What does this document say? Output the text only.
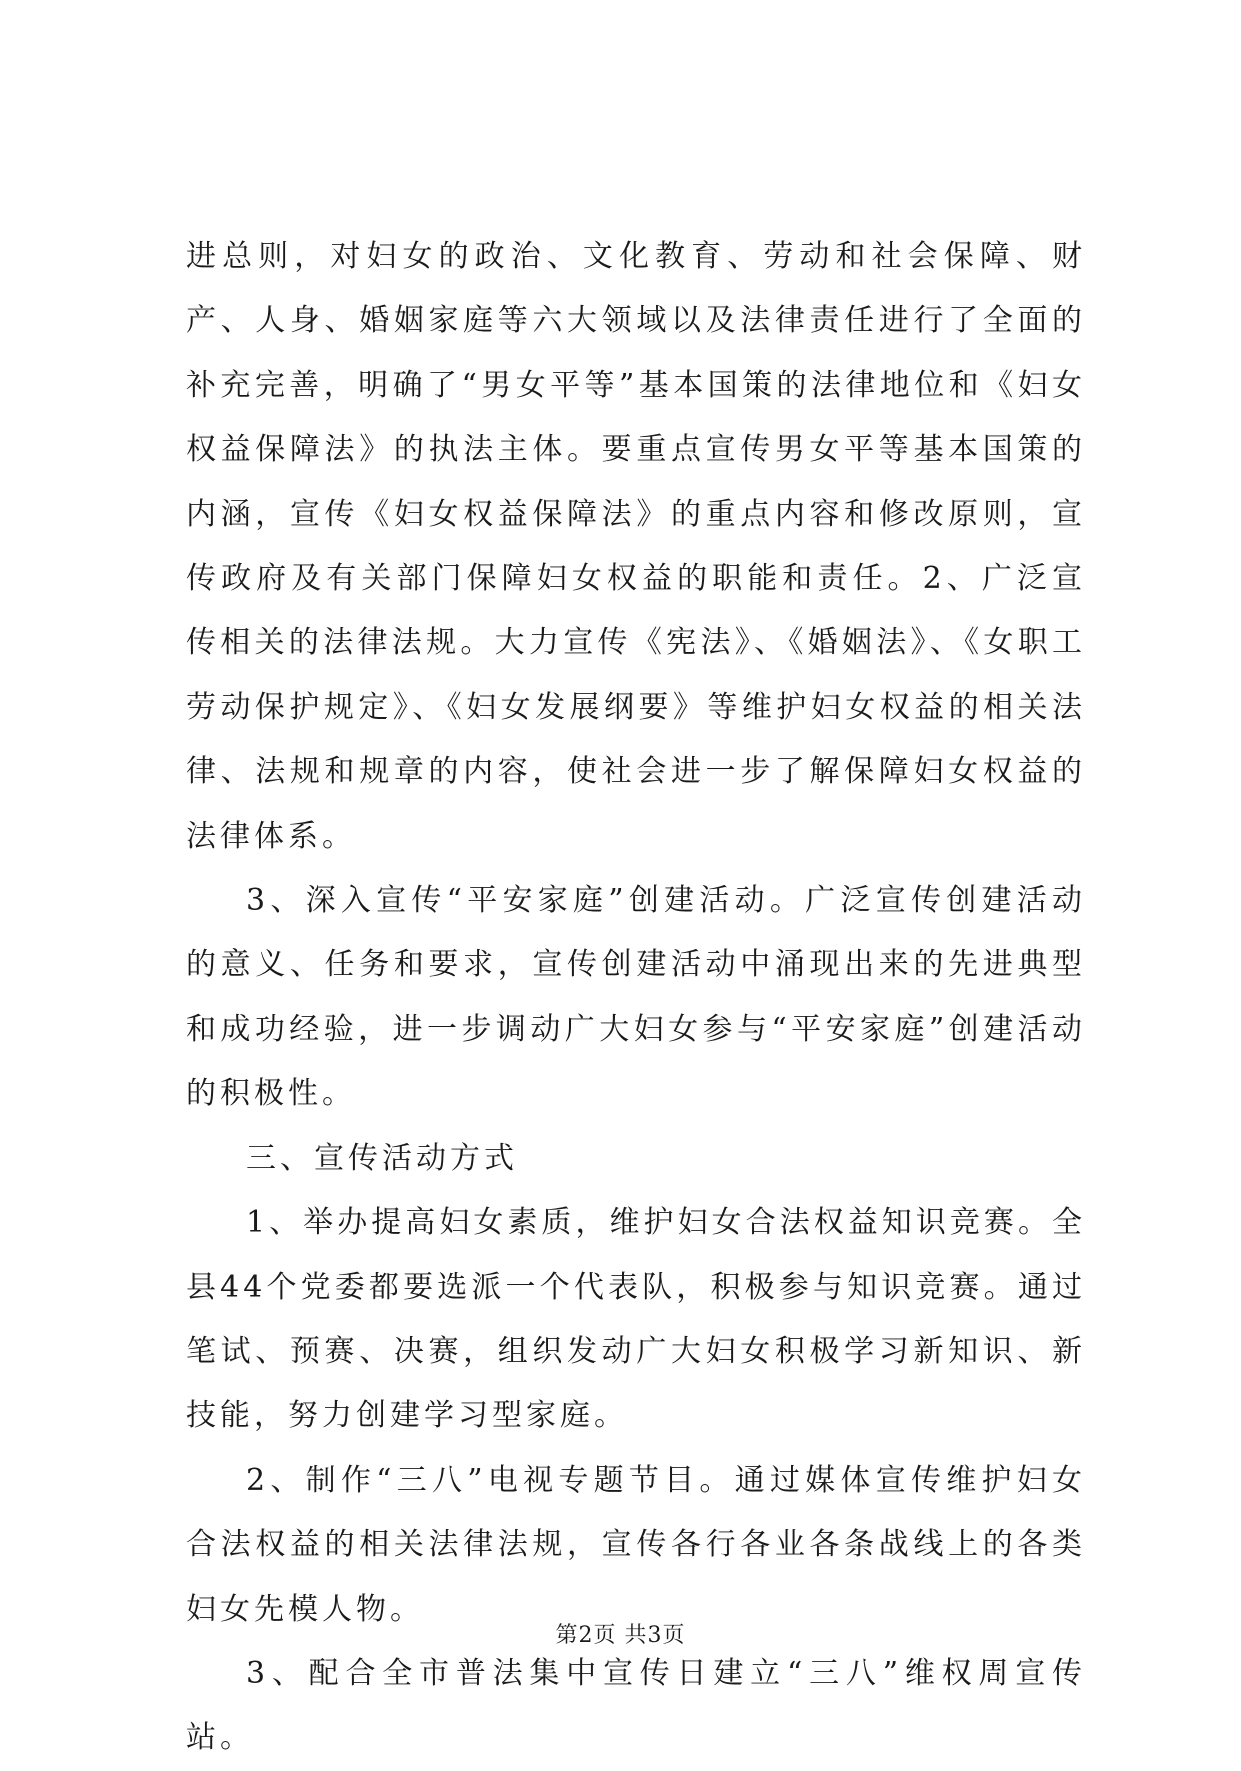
进总则，对妇女的政治、文化教育、劳动和社会保障、财产、人身、婚姻家庭等六大领域以及法律责任进行了全面的补充完善，明确了“男女平等”基本国策的法律地位和《妇女权益保障法》的执法主体。要重点宣传男女平等基本国策的内涵，宣传《妇女权益保障法》的重点内容和修改原则，宣传政府及有关部门保障妇女权益的职能和责任。2、广泛宣传相关的法律法规。大力宣传《宪法》、《婚姻法》、《女职工劳动保护规定》、《妇女发展纲要》等维护妇女权益的相关法律、法规和规章的内容，使社会进一步了解保障妇女权益的法律体系。

3、深入宣传“平安家庭”创建活动。广泛宣传创建活动的意义、任务和要求，宣传创建活动中涌现出来的先进典型和成功经验，进一步调动广大妇女参与“平安家庭”创建活动的积极性。

三、宣传活动方式

1、举办提高妇女素质，维护妇女合法权益知识竞赛。全县44个党委都要选派一个代表队，积极参与知识竞赛。通过笔试、预赛、决赛，组织发动广大妇女积极学习新知识、新技能，努力创建学习型家庭。

2、制作“三八”电视专题节目。通过媒体宣传维护妇女合法权益的相关法律法规，宣传各行各业各条战线上的各类妇女先模人物。

3、配合全市普法集中宣传日建立“三八”维权周宣传站。

第2页 共3页
